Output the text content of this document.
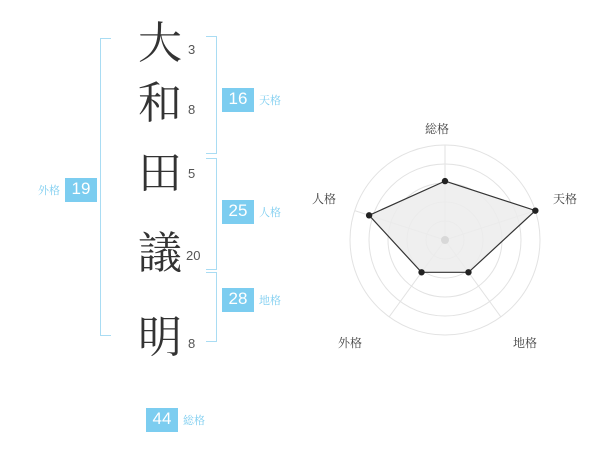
外格 19
大 3
和 8
田 5
議 20
明 8
16	天格
25	人格
28	地格
44	総格
総格
天格
地格
外格
人格
